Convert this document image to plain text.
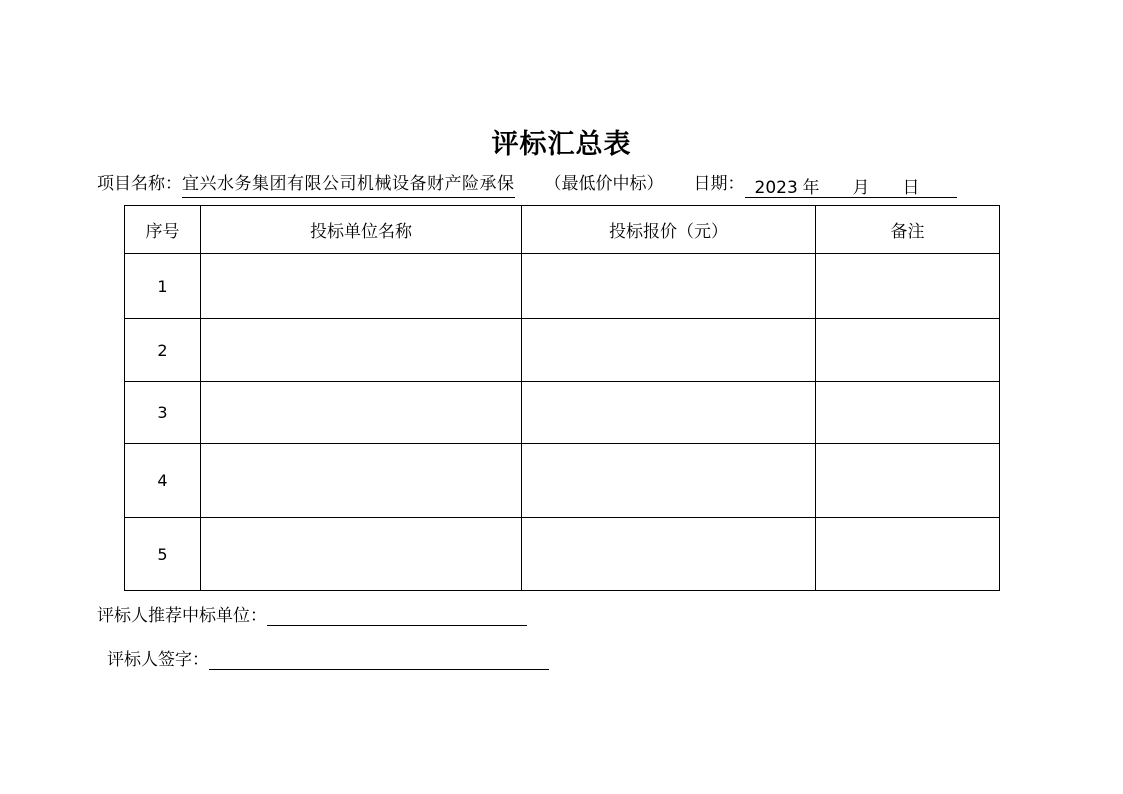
评标汇总表
项目名称：宜兴水务集团有限公司机械设备财产险承保 （最低价中标） 日期： 2023 年 月 日
序号	投标单位名称	投标报价（元）	备注
1			
2			
3			
4			
5			
评标人推荐中标单位：
评标人签字：
